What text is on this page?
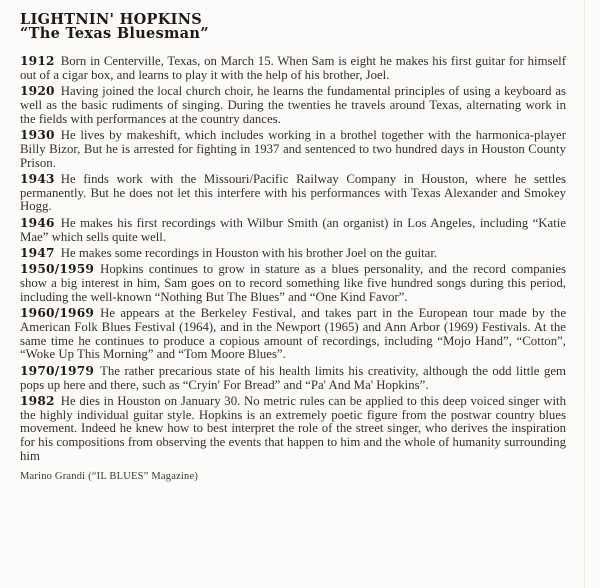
LIGHTNIN' HOPKINS
“The Texas Bluesman”

1912 Born in Centerville, Texas, on March 15. When Sam is eight he makes his first guitar for himself out of a cigar box, and learns to play it with the help of his brother, Joel.

1920 Having joined the local church choir, he learns the fundamental principles of using a keyboard as well as the basic rudiments of singing. During the twenties he travels around Texas, alternating work in the fields with performances at the country dances.

1930 He lives by makeshift, which includes working in a brothel together with the harmonica-player Billy Bizor, But he is arrested for fighting in 1937 and sentenced to two hundred days in Houston County Prison.

1943 He finds work with the Missouri/Pacific Railway Company in Houston, where he settles permanently. But he does not let this interfere with his performances with Texas Alexander and Smokey Hogg.

1946 He makes his first recordings with Wilbur Smith (an organist) in Los Angeles, including “Katie Mae” which sells quite well.

1947 He makes some recordings in Houston with his brother Joel on the guitar.

1950/1959 Hopkins continues to grow in stature as a blues personality, and the record companies show a big interest in him, Sam goes on to record something like five hundred songs during this period, including the well-known “Nothing But The Blues” and “One Kind Favor”.

1960/1969 He appears at the Berkeley Festival, and takes part in the European tour made by the American Folk Blues Festival (1964), and in the Newport (1965) and Ann Arbor (1969) Festivals. At the same time he continues to produce a copious amount of recordings, including “Mojo Hand”, “Cotton”, “Woke Up This Morning” and “Tom Moore Blues”.

1970/1979 The rather precarious state of his health limits his creativity, although the odd little gem pops up here and there, such as “Cryin' For Bread” and “Pa' And Ma' Hopkins”.

1982 He dies in Houston on January 30. No metric rules can be applied to this deep voiced singer with the highly individual guitar style. Hopkins is an extremely poetic figure from the postwar country blues movement. Indeed he knew how to best interpret the role of the street singer, who derives the inspiration for his compositions from observing the events that happen to him and the whole of humanity surrounding him

Marino Grandi (“IL BLUES” Magazine)
